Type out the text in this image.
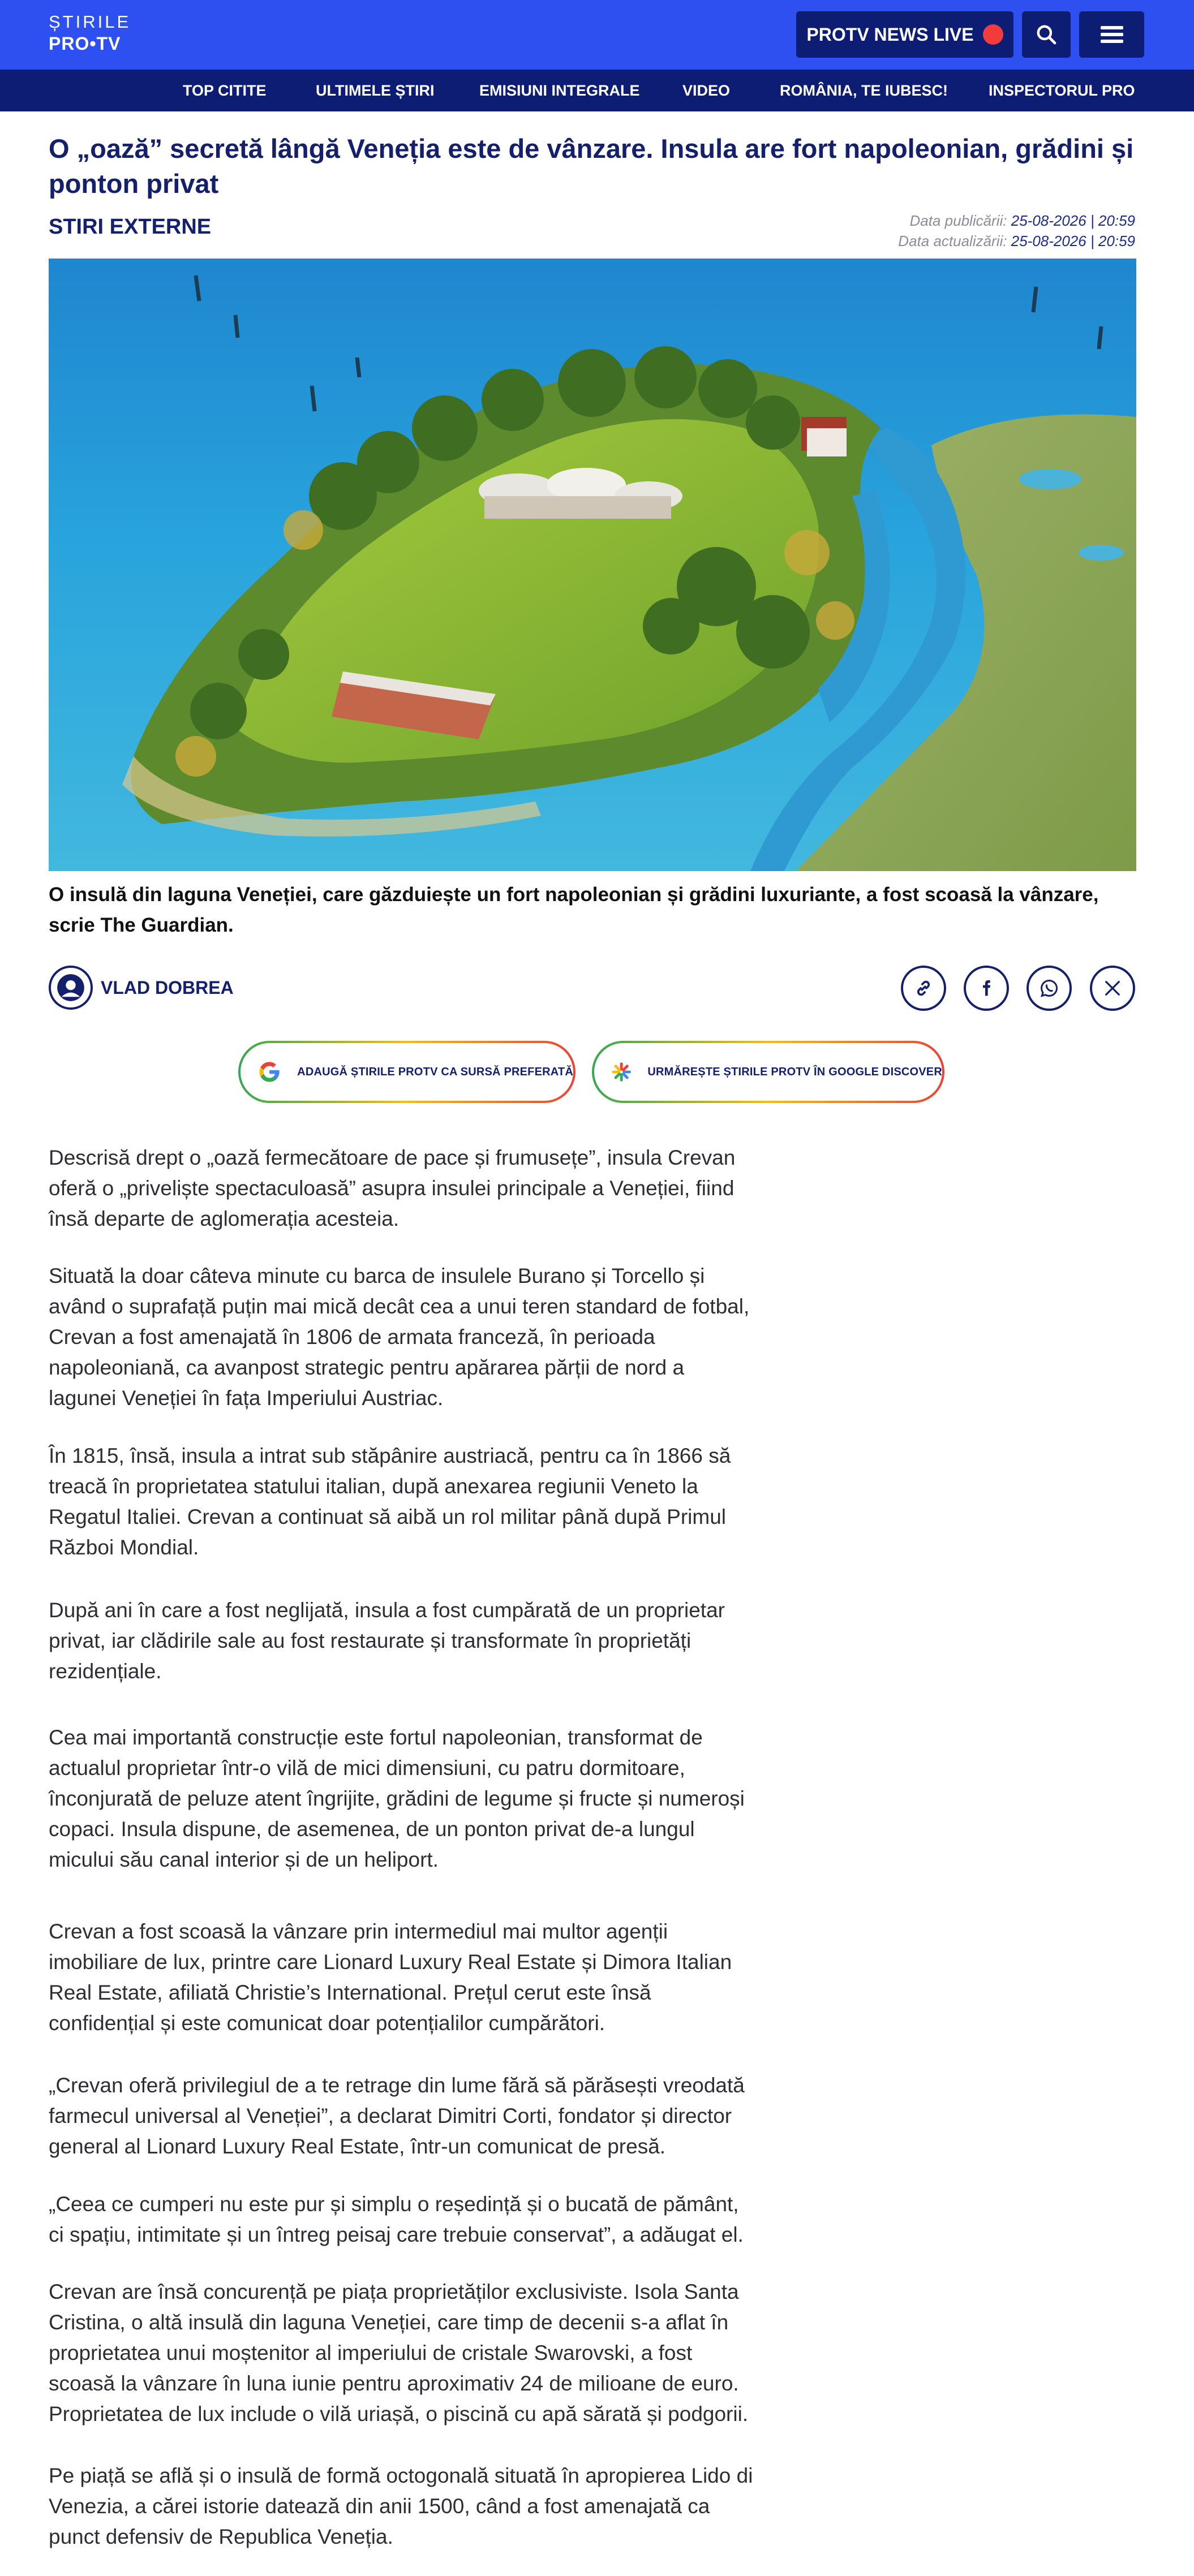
ȘTIRILE
PRO•TV	PROTV NEWS LIVE
TOP CITITE	ULTIMELE ȘTIRI	EMISIUNI INTEGRALE	VIDEO	ROMÂNIA, TE IUBESC!	INSPECTORUL PRO
O „oază” secretă lângă Veneția este de vânzare. Insula are fort napoleonian, grădini și ponton privat
STIRI EXTERNE	Data publicării: 25-08-2026 | 20:59
Data actualizării: 25-08-2026 | 20:59

O insulă din laguna Veneției, care găzduiește un fort napoleonian și grădini luxuriante, a fost scoasă la vânzare, scrie The Guardian.

VLAD DOBREA
ADAUGĂ ȘTIRILE PROTV CA SURSĂ PREFERATĂ	URMĂREȘTE ȘTIRILE PROTV ÎN GOOGLE DISCOVER

Descrisă drept o „oază fermecătoare de pace și frumusețe”, insula Crevan oferă o „priveliște spectaculoasă” asupra insulei principale a Veneției, fiind însă departe de aglomerația acesteia.

Situată la doar câteva minute cu barca de insulele Burano și Torcello și având o suprafață puțin mai mică decât cea a unui teren standard de fotbal, Crevan a fost amenajată în 1806 de armata franceză, în perioada napoleoniană, ca avanpost strategic pentru apărarea părții de nord a lagunei Veneției în fața Imperiului Austriac.

În 1815, însă, insula a intrat sub stăpânire austriacă, pentru ca în 1866 să treacă în proprietatea statului italian, după anexarea regiunii Veneto la Regatul Italiei. Crevan a continuat să aibă un rol militar până după Primul Război Mondial.

După ani în care a fost neglijată, insula a fost cumpărată de un proprietar privat, iar clădirile sale au fost restaurate și transformate în proprietăți rezidențiale.

Cea mai importantă construcție este fortul napoleonian, transformat de actualul proprietar într-o vilă de mici dimensiuni, cu patru dormitoare, înconjurată de peluze atent îngrijite, grădini de legume și fructe și numeroși copaci. Insula dispune, de asemenea, de un ponton privat de-a lungul micului său canal interior și de un heliport.

Crevan a fost scoasă la vânzare prin intermediul mai multor agenții imobiliare de lux, printre care Lionard Luxury Real Estate și Dimora Italian Real Estate, afiliată Christie’s International. Prețul cerut este însă confidențial și este comunicat doar potențialilor cumpărători.

„Crevan oferă privilegiul de a te retrage din lume fără să părăsești vreodată farmecul universal al Veneției”, a declarat Dimitri Corti, fondator și director general al Lionard Luxury Real Estate, într-un comunicat de presă.

„Ceea ce cumperi nu este pur și simplu o reședință și o bucată de pământ, ci spațiu, intimitate și un întreg peisaj care trebuie conservat”, a adăugat el.

Crevan are însă concurență pe piața proprietăților exclusiviste. Isola Santa Cristina, o altă insulă din laguna Veneției, care timp de decenii s-a aflat în proprietatea unui moștenitor al imperiului de cristale Swarovski, a fost scoasă la vânzare în luna iunie pentru aproximativ 24 de milioane de euro. Proprietatea de lux include o vilă uriașă, o piscină cu apă sărată și podgorii.

Pe piață se află și o insulă de formă octogonală situată în apropierea Lido di Venezia, a cărei istorie datează din anii 1500, când a fost amenajată ca punct defensiv de Republica Veneția.
